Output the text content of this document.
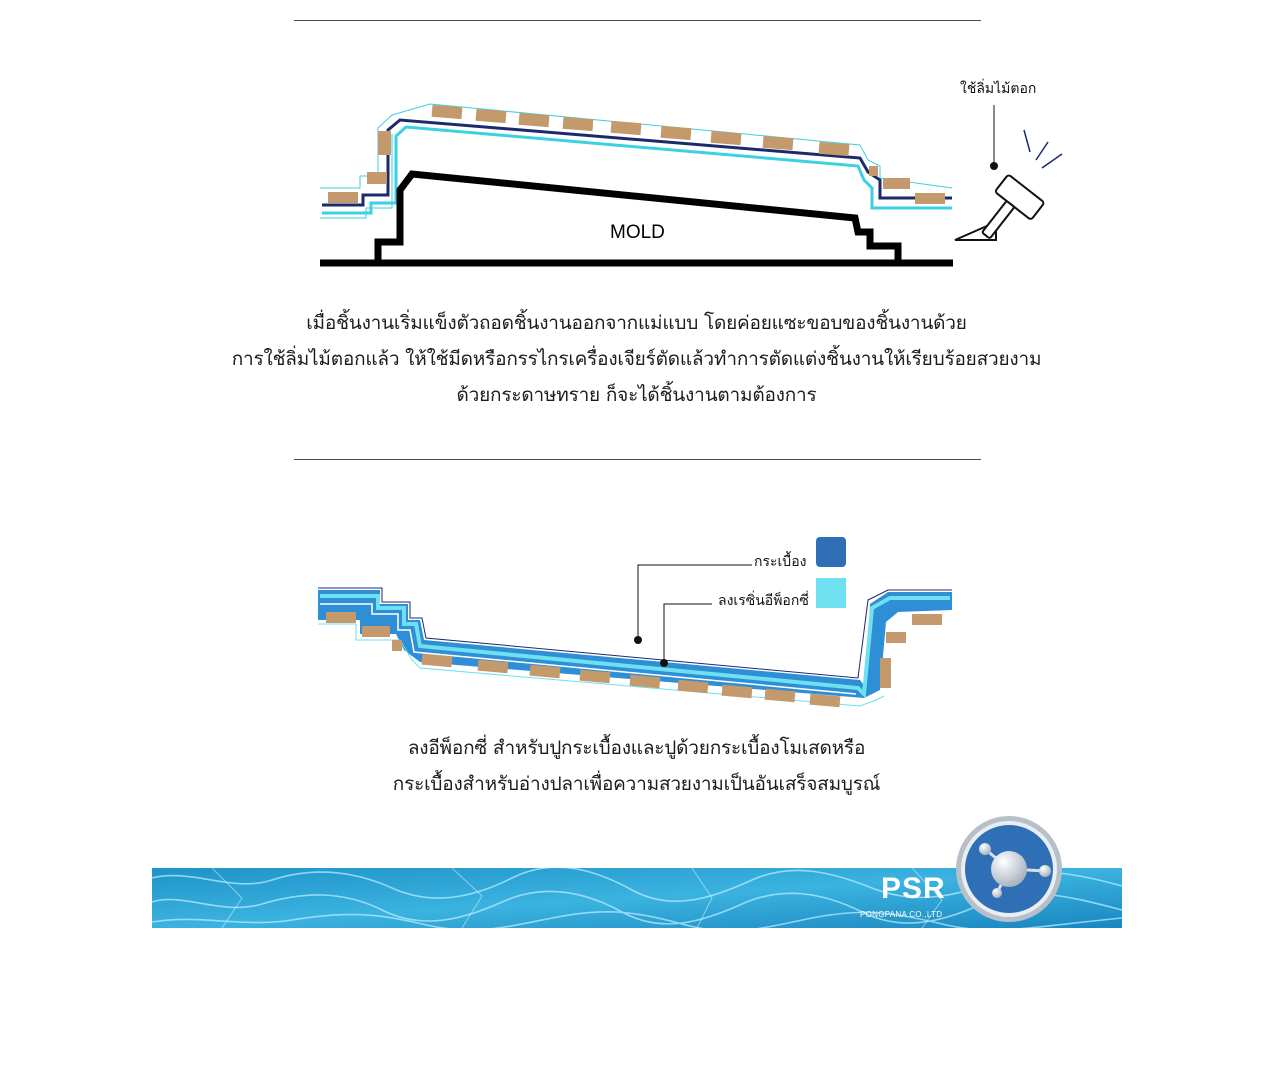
MOLD
ใช้ลิ่มไม้ตอก
เมื่อชิ้นงานเริ่มแข็งตัวถอดชิ้นงานออกจากแม่แบบ โดยค่อยแซะขอบของชิ้นงานด้วย
การใช้ลิ่มไม้ตอกแล้ว ให้ใช้มีดหรือกรรไกรเครื่องเจียร์ตัดแล้วทำการตัดแต่งชิ้นงานให้เรียบร้อยสวยงาม
ด้วยกระดาษทราย ก็จะได้ชิ้นงานตามต้องการ
กระเบื้อง
ลงเรซิ่นอีพ็อกซี่
ลงอีพ็อกซี่ สำหรับปูกระเบื้องและปูด้วยกระเบื้องโมเสดหรือ
กระเบื้องสำหรับอ่างปลาเพื่อความสวยงามเป็นอันเสร็จสมบูรณ์
PSR
PONGPANA CO.,LTD
